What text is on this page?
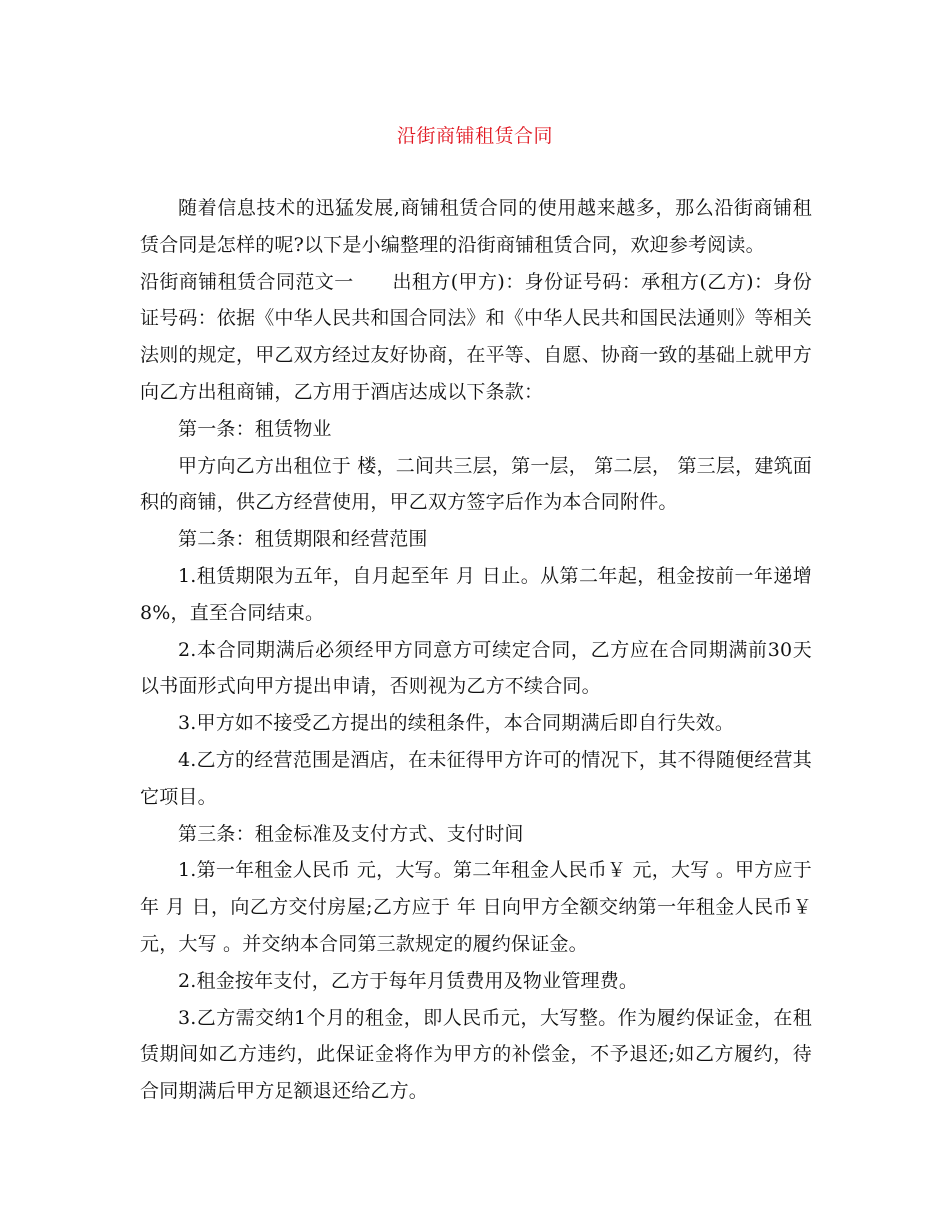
沿街商铺租赁合同

随着信息技术的迅猛发展,商铺租赁合同的使用越来越多，那么沿街商铺租赁合同是怎样的呢?以下是小编整理的沿街商铺租赁合同，欢迎参考阅读。

沿街商铺租赁合同范文一　　出租方(甲方)：身份证号码：承租方(乙方)：身份证号码：依据《中华人民共和国合同法》和《中华人民共和国民法通则》等相关法则的规定，甲乙双方经过友好协商，在平等、自愿、协商一致的基础上就甲方向乙方出租商铺，乙方用于酒店达成以下条款：

第一条：租赁物业

甲方向乙方出租位于 楼，二间共三层，第一层， 第二层， 第三层，建筑面积的商铺，供乙方经营使用，甲乙双方签字后作为本合同附件。

第二条：租赁期限和经营范围

1.租赁期限为五年，自月起至年 月 日止。从第二年起，租金按前一年递增8%，直至合同结束。

2.本合同期满后必须经甲方同意方可续定合同，乙方应在合同期满前30天以书面形式向甲方提出申请，否则视为乙方不续合同。

3.甲方如不接受乙方提出的续租条件，本合同期满后即自行失效。

4.乙方的经营范围是酒店，在未征得甲方许可的情况下，其不得随便经营其它项目。

第三条：租金标准及支付方式、支付时间

1.第一年租金人民币 元，大写。第二年租金人民币￥ 元，大写 。甲方应于 年 月 日，向乙方交付房屋;乙方应于 年 日向甲方全额交纳第一年租金人民币￥ 元，大写 。并交纳本合同第三款规定的履约保证金。

2.租金按年支付，乙方于每年月赁费用及物业管理费。

3.乙方需交纳1个月的租金，即人民币元，大写整。作为履约保证金，在租赁期间如乙方违约，此保证金将作为甲方的补偿金，不予退还;如乙方履约，待合同期满后甲方足额退还给乙方。
